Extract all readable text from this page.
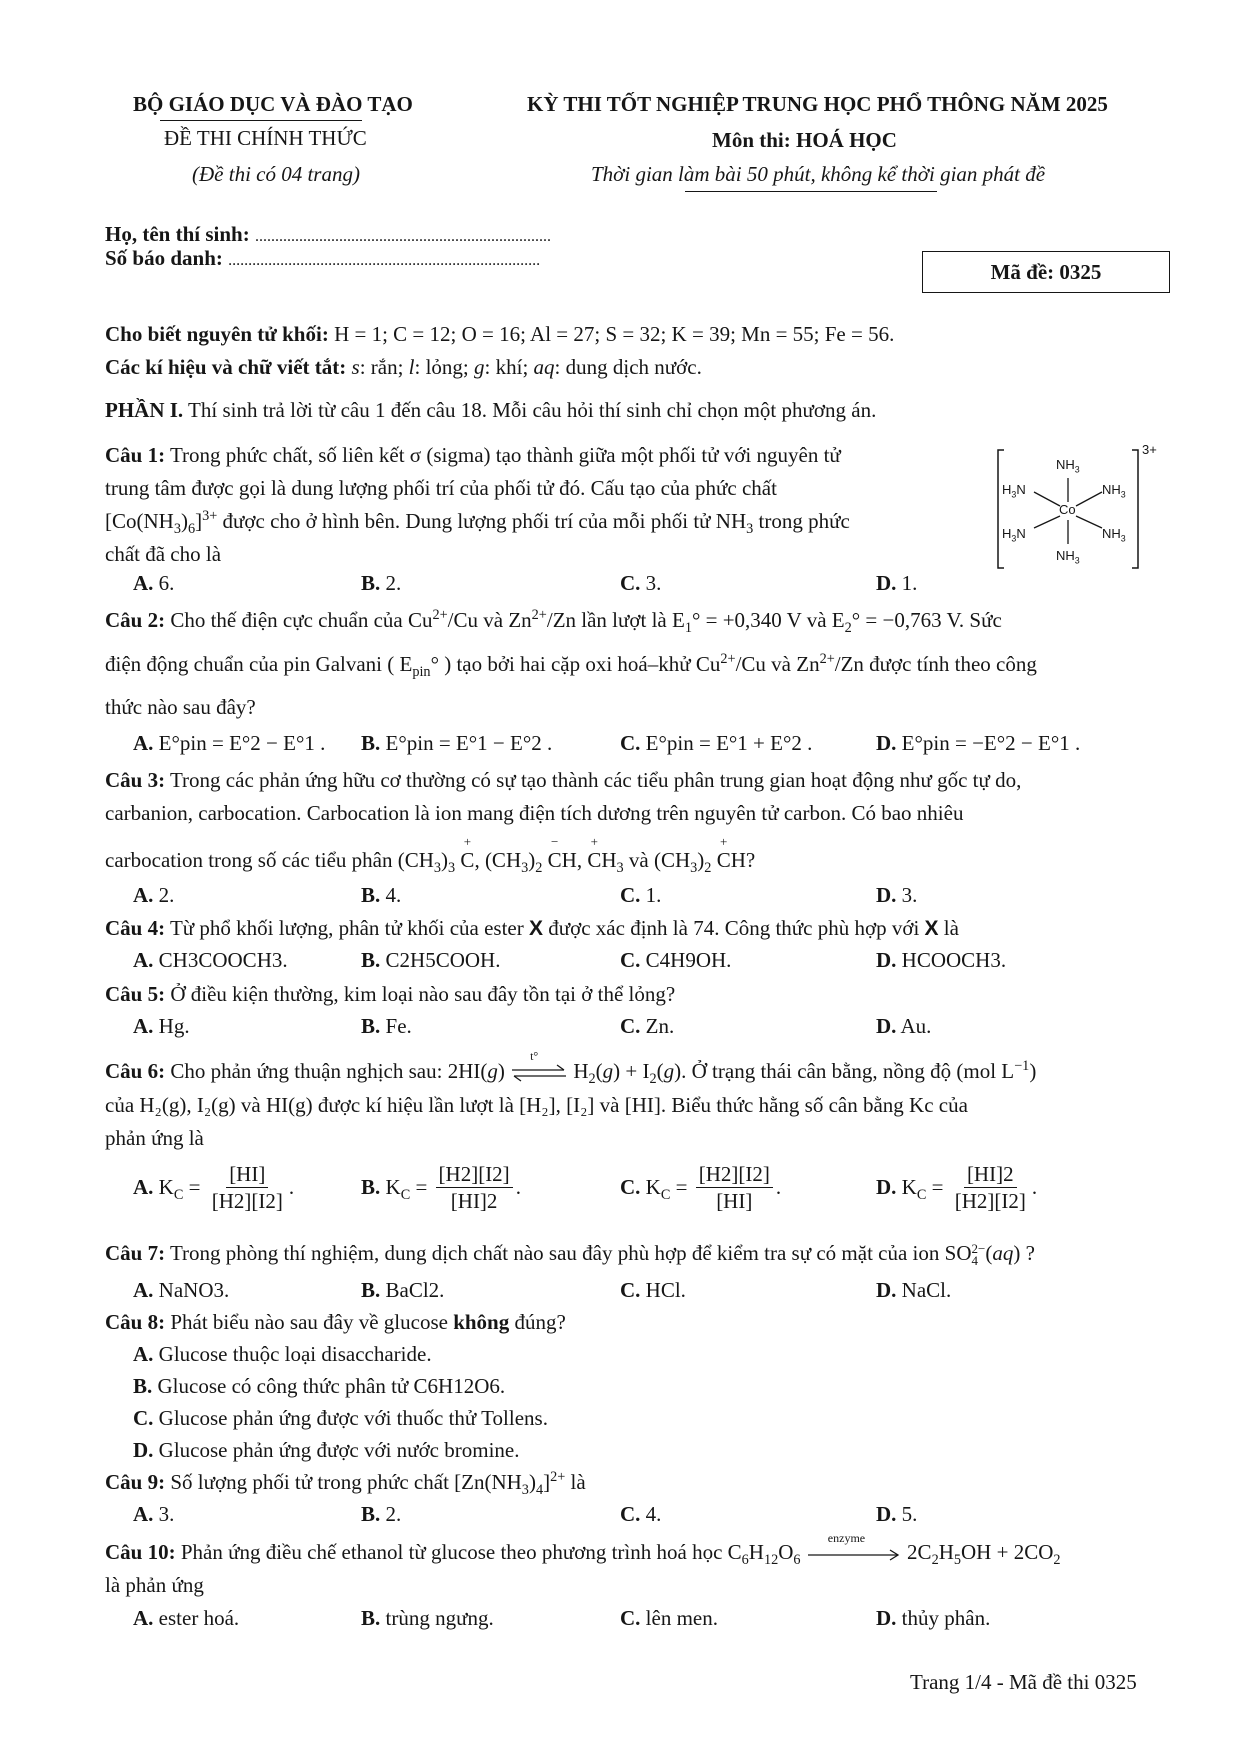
BỘ GIÁO DỤC VÀ ĐÀO TẠO
ĐỀ THI CHÍNH THỨC
(Đề thi có 04 trang)
KỲ THI TỐT NGHIỆP TRUNG HỌC PHỔ THÔNG NĂM 2025
Môn thi: HOÁ HỌC
Thời gian làm bài 50 phút, không kể thời gian phát đề
Họ, tên thí sinh: ..........................................................................
Số báo danh: ..............................................................................	Mã đề: 0325
Cho biết nguyên tử khối: H = 1; C = 12; O = 16; Al = 27; S = 32; K = 39; Mn = 55; Fe = 56.
Các kí hiệu và chữ viết tắt: s: rắn; l: lỏng; g: khí; aq: dung dịch nước.
PHẦN I. Thí sinh trả lời từ câu 1 đến câu 18. Mỗi câu hỏi thí sinh chỉ chọn một phương án.
Câu 1: Trong phức chất, số liên kết σ (sigma) tạo thành giữa một phối tử với nguyên tử
trung tâm được gọi là dung lượng phối trí của phối tử đó. Cấu tạo của phức chất
$[Co(NH_3)_6]^{3+}$ được cho ở hình bên. Dung lượng phối trí của mỗi phối tử $NH_3$ trong phức
chất đã cho là
$NH_3$
Co
$H_3N$	$NH_3$
$H_3N$	$NH_3$
$NH_3$
3+
A. 6.	B. 2.	C. 3.	D. 1.
Câu 2: Cho thế điện cực chuẩn của $Cu^{2+}/Cu$ và $Zn^{2+}/Zn$ lần lượt là $E_1^\circ = +0,340$ V và $E_2^\circ = -0,763$ V. Sức
điện động chuẩn của pin Galvani ( $E_{pin}^\circ$ ) tạo bởi hai cặp oxi hoá–khử $Cu^{2+}/Cu$ và $Zn^{2+}/Zn$ được tính theo công
thức nào sau đây?
A. E°pin = E°2 − E°1 . B. E°pin = E°1 − E°2 .	C. E°pin = E°1 + E°2 .	D. E°pin = −E°2 − E°1 .
Câu 3: Trong các phản ứng hữu cơ thường có sự tạo thành các tiểu phân trung gian hoạt động như gốc tự do,
carbanion, carbocation. Carbocation là ion mang điện tích dương trên nguyên tử carbon. Có bao nhiêu
carbocation trong số các tiểu phân $(CH_3)_3$ C
+
, $(CH_3)_2$ C
−
H, C
+
$H_3$ và $(CH_3)_2$ C
+
H?
A. 2.	B. 4.	C. 1.	D. 3.
Câu 4: Từ phổ khối lượng, phân tử khối của ester X được xác định là 74. Công thức phù hợp với X là
A. CH3COOCH3.	B. C2H5COOH.	C. C4H9OH.	D. HCOOCH3.
Câu 5: Ở điều kiện thường, kim loại nào sau đây tồn tại ở thể lỏng?
A. Hg.	B. Fe.	C. Zn.	D. Au.
Câu 6: Cho phản ứng thuận nghịch sau: 2HI(g)
t°
$H_2(g) + I_2(g)$. Ở trạng thái cân bằng, nồng độ (mol $L^{-1}$)
của H₂(g), I₂(g) và HI(g) được kí hiệu lần lượt là [H₂], [I₂] và [HI]. Biểu thức hằng số cân bằng Kc của
phản ứng là
A. $K_C = \frac{[HI]}{[H2][I2]}$ .	B. $K_C = \frac{[H2][I2]}{[HI]2}$ .	C. $K_C = \frac{[H2][I2]}{[HI]}$ .	D. $K_C = \frac{[HI]2}{[H2][I2]}$ .
Câu 7: Trong phòng thí nghiệm, dung dịch chất nào sau đây phù hợp để kiểm tra sự có mặt của ion SO 2−
4 (aq) ?
A. NaNO3.	B. BaCl2.	C. HCl.	D. NaCl.
Câu 8: Phát biểu nào sau đây về glucose không đúng?
A. Glucose thuộc loại disaccharide.
B. Glucose có công thức phân tử C6H12O6.
C. Glucose phản ứng được với thuốc thử Tollens.
D. Glucose phản ứng được với nước bromine.
Câu 9: Số lượng phối tử trong phức chất $[Zn(NH_3)_4]^{2+}$ là
A. 3.	B. 2.	C. 4.	D. 5.
Câu 10: Phản ứng điều chế ethanol từ glucose theo phương trình hoá học $C_6H_{12}O_6$
enzyme
$2C_2H_5OH + 2CO_2$
là phản ứng
A. ester hoá.	B. trùng ngưng.	C. lên men.	D. thủy phân.
Trang 1/4 - Mã đề thi 0325
